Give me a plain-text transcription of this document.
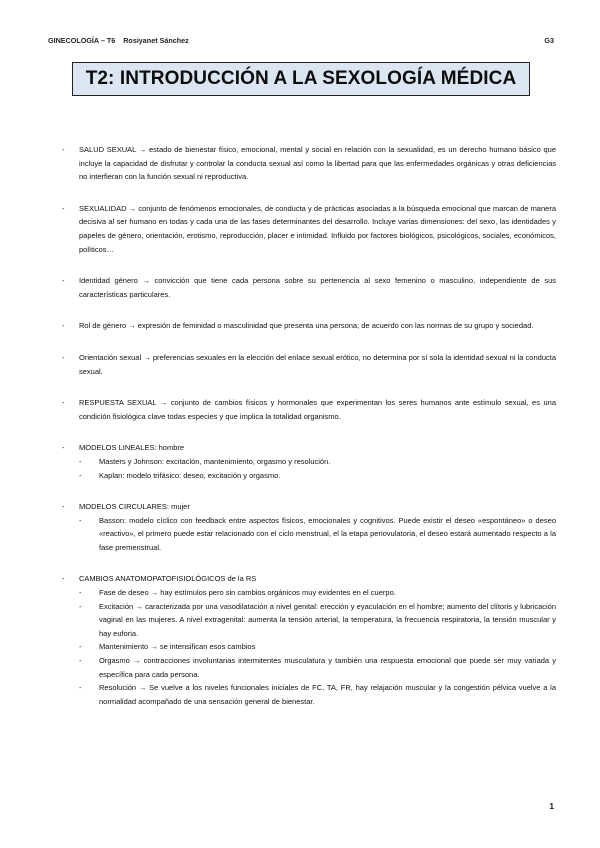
GINECOLOGÍA – T6 Rosiyanet Sánchez	G3
T2: INTRODUCCIÓN A LA SEXOLOGÍA MÉDICA
- SALUD SEXUAL → estado de bienestar físico, emocional, mental y social en relación con la sexualidad, es un derecho humano básico que incluye la capacidad de disfrutar y controlar la conducta sexual así como la libertad para que las enfermedades orgánicas y otras deficiencias no interfieran con la función sexual ni reproductiva.
- SEXUALIDAD → conjunto de fenómenos emocionales, de conducta y de prácticas asociadas a la búsqueda emocional que marcan de manera decisiva al ser humano en todas y cada una de las fases determinantes del desarrollo. Incluye varias dimensiones: del sexo, las identidades y papeles de género, orientación, erotismo, reproducción, placer e intimidad. Influido por factores biológicos, psicológicos, sociales, económicos, políticos…
- Identidad género → convicción que tiene cada persona sobre su pertenencia al sexo femenino o masculino, independiente de sus características particulares.
- Rol de género → expresión de feminidad o masculinidad que presenta una persona; de acuerdo con las normas de su grupo y sociedad.
- Orientación sexual → preferencias sexuales en la elección del enlace sexual erótico, no determina por sí sola la identidad sexual ni la conducta sexual.
- RESPUESTA SEXUAL → conjunto de cambios físicos y hormonales que experimentan los seres humanos ante estímulo sexual, es una condición fisiológica clave todas especies y que implica la totalidad organismo.
- MODELOS LINEALES: hombre
- Masters y Johnson: excitación, mantenimiento, orgasmo y resolución.
- Kaplan: modelo trifásico: deseo, excitación y orgasmo.
- MODELOS CIRCULARES: mujer
- Basson: modelo cíclico con feedback entre aspectos físicos, emocionales y cognitivos. Puede existir el deseo «espontáneo» o deseo «reactivo», el primero puede estar relacionado con el ciclo menstrual, el la etapa periovulatoria, el deseo estará aumentado respecto a la fase premenstrual.
- CAMBIOS ANATOMOPATOFISIOLÓGICOS de la RS
- Fase de deseo → hay estímulos pero sin cambios orgánicos muy evidentes en el cuerpo.
- Excitación → caracterizada por una vasodilatación a nivel genital: erección y eyaculación en el hombre; aumento del clítoris y lubricación vaginal en las mujeres. A nivel extragenital: aumenta la tensión arterial, la temperatura, la frecuencia respiratoria, la tensión muscular y hay euforia.
- Mantenimiento → se intensifican esos cambios
- Orgasmo → contracciones involuntarias intermitentes musculatura y también una respuesta emocional que puede ser muy variada y específica para cada persona.
- Resolución → Se vuelve a los niveles funcionales iniciales de FC, TA, FR, hay relajación muscular y la congestión pélvica vuelve a la normalidad acompañado de una sensación general de bienestar.
1
